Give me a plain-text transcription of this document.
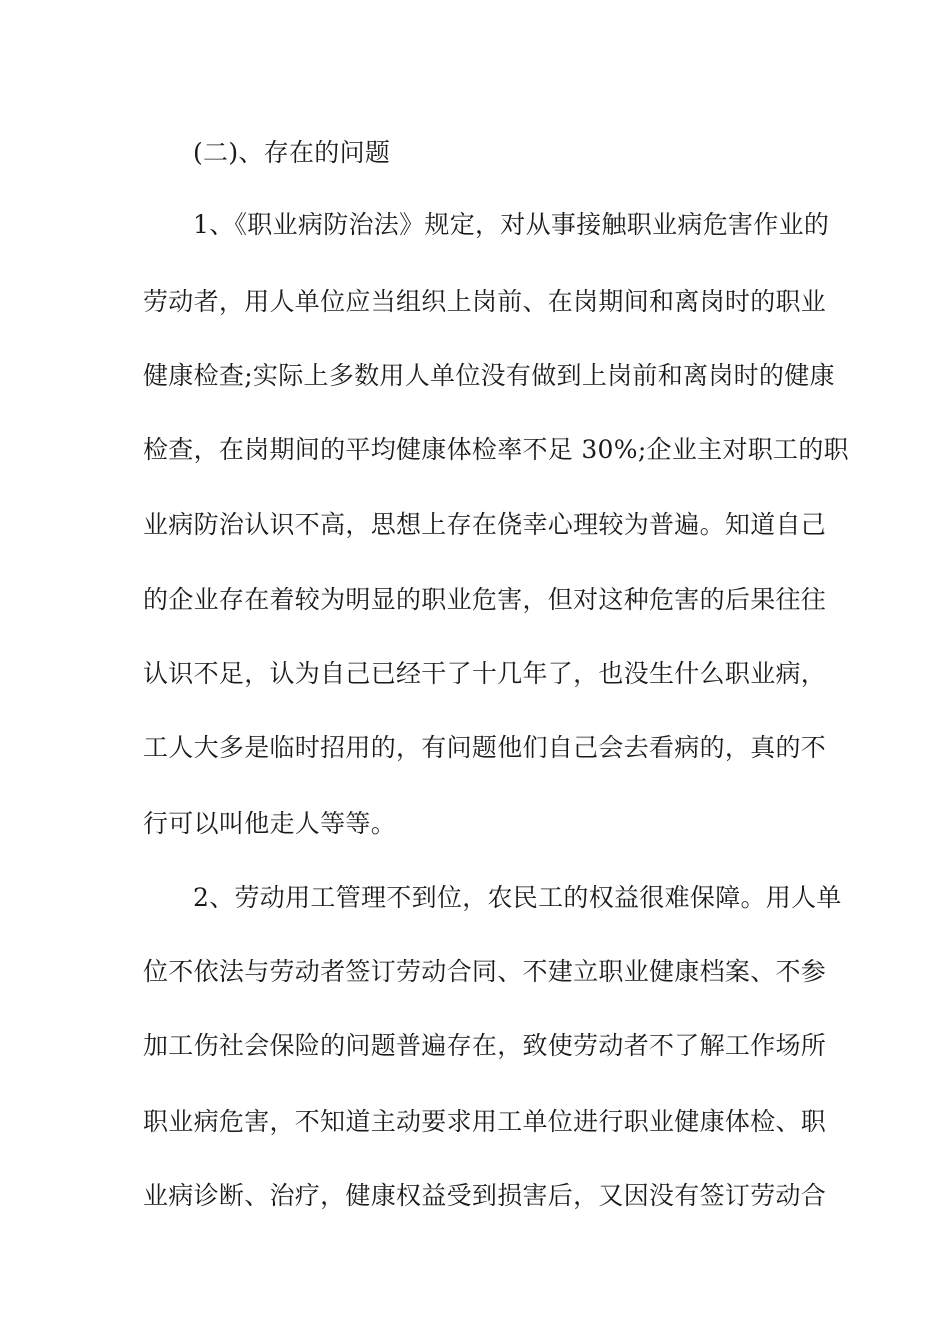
(二)、存在的问题
1、《职业病防治法》规定，对从事接触职业病危害作业的
劳动者，用人单位应当组织上岗前、在岗期间和离岗时的职业
健康检查;实际上多数用人单位没有做到上岗前和离岗时的健康
检查，在岗期间的平均健康体检率不足 30%;企业主对职工的职
业病防治认识不高，思想上存在侥幸心理较为普遍。知道自己
的企业存在着较为明显的职业危害，但对这种危害的后果往往
认识不足，认为自己已经干了十几年了，也没生什么职业病，
工人大多是临时招用的，有问题他们自己会去看病的，真的不
行可以叫他走人等等。
2、劳动用工管理不到位，农民工的权益很难保障。用人单
位不依法与劳动者签订劳动合同、不建立职业健康档案、不参
加工伤社会保险的问题普遍存在，致使劳动者不了解工作场所
职业病危害，不知道主动要求用工单位进行职业健康体检、职
业病诊断、治疗，健康权益受到损害后，又因没有签订劳动合
